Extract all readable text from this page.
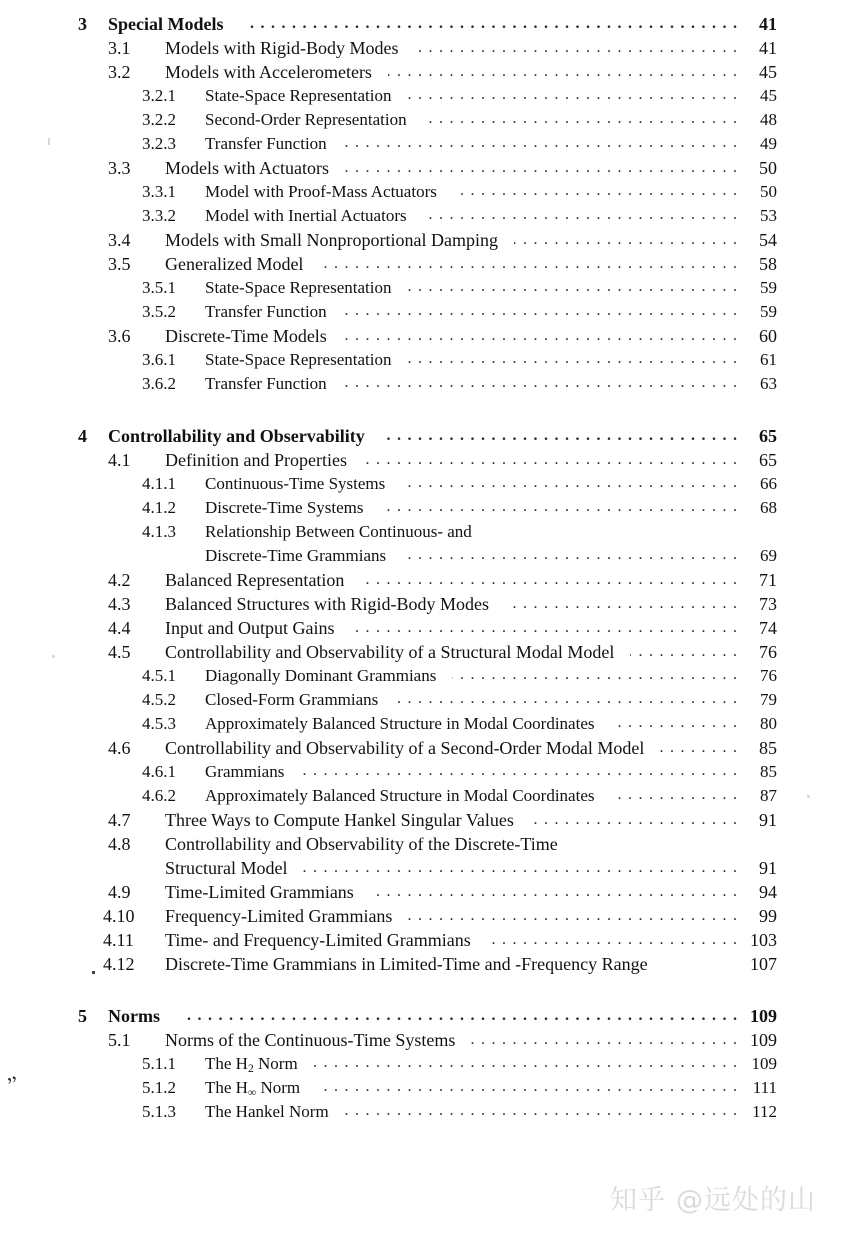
3	Special Models . . .	41
3.1	Models with Rigid-Body Modes . . .	41
3.2	Models with Accelerometers . . .	45
3.2.1	State-Space Representation . . .	45
3.2.2	Second-Order Representation . . .	48
3.2.3	Transfer Function . . .	49
3.3	Models with Actuators . . .	50
3.3.1	Model with Proof-Mass Actuators . . .	50
3.3.2	Model with Inertial Actuators . . .	53
3.4	Models with Small Nonproportional Damping . . .	54
3.5	Generalized Model . . .	58
3.5.1	State-Space Representation . . .	59
3.5.2	Transfer Function . . .	59
3.6	Discrete-Time Models . . .	60
3.6.1	State-Space Representation . . .	61
3.6.2	Transfer Function . . .	63
4	Controllability and Observability . . .	65
4.1	Definition and Properties . . .	65
4.1.1	Continuous-Time Systems . . .	66
4.1.2	Discrete-Time Systems . . .	68
4.1.3	Relationship Between Continuous- and
Discrete-Time Grammians . . .	69
4.2	Balanced Representation . . .	71
4.3	Balanced Structures with Rigid-Body Modes . . .	73
4.4	Input and Output Gains . . .	74
4.5	Controllability and Observability of a Structural Modal Model . . .	76
4.5.1	Diagonally Dominant Grammians . . .	76
4.5.2	Closed-Form Grammians . . .	79
4.5.3	Approximately Balanced Structure in Modal Coordinates . . .	80
4.6	Controllability and Observability of a Second-Order Modal Model . . .	85
4.6.1	Grammians . . .	85
4.6.2	Approximately Balanced Structure in Modal Coordinates . . .	87
4.7	Three Ways to Compute Hankel Singular Values . . .	91
4.8	Controllability and Observability of the Discrete-Time
Structural Model . . .	91
4.9	Time-Limited Grammians . . .	94
4.10	Frequency-Limited Grammians . . .	99
4.11	Time- and Frequency-Limited Grammians . . .	103
4.12	Discrete-Time Grammians in Limited-Time and -Frequency Range	107
5	Norms . . .	109
5.1	Norms of the Continuous-Time Systems . . .	109
5.1.1	The $H_2$ Norm . . .	109
5.1.2	The $H_\infty$ Norm . . .	111
5.1.3	The Hankel Norm . . .	112
’’
知乎 @远处的山
